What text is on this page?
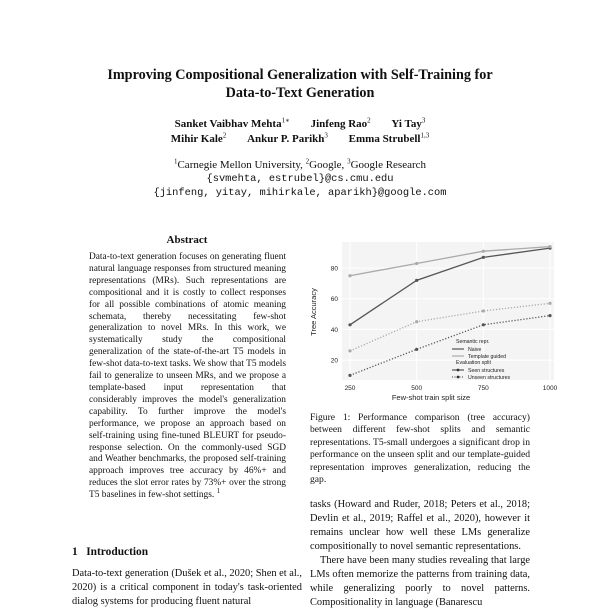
Improving Compositional Generalization with Self-Training for
Data-to-Text Generation
Sanket Vaibhav Mehta$^{1∗}$ Jinfeng Rao$^2$ Yi Tay$^3$
Mihir Kale$^2$ Ankur P. Parikh$^3$ Emma Strubell$^{1,3}$
$^1$Carnegie Mellon University, $^2$Google, $^3$Google Research
{svmehta, estrubel}@cs.cmu.edu
{jinfeng, yitay, mihirkale, aparikh}@google.com
Abstract
Data-to-text generation focuses on generating fluent natural language responses from structured meaning representations (MRs). Such representations are compositional and it is costly to collect responses for all possible combinations of atomic meaning schemata, thereby necessitating few-shot generalization to novel MRs. In this work, we systematically study the compositional generalization of the state-of-the-art T5 models in few-shot data-to-text tasks. We show that T5 models fail to generalize to unseen MRs, and we propose a template-based input representation that considerably improves the model's generalization capability. To further improve the model's performance, we propose an approach based on self-training using fine-tuned BLEURT for pseudo-response selection. On the commonly-used SGD and Weather benchmarks, the proposed self-training approach improves tree accuracy by 46%+ and reduces the slot error rates by 73%+ over the strong T5 baselines in few-shot settings. $^1$
1 Introduction
Data-to-text generation (Dušek et al., 2020; Shen et al., 2020) is a critical component in today's task-oriented dialog systems for producing fluent natural
20
40
60
80
250	500	750	1000
Few-shot train split size
Tree Accuracy
Semantic repr.
Naive
Template guided
Evaluation split
Seen structures
Unseen structures
Figure 1: Performance comparison (tree accuracy) between different few-shot splits and semantic representations. T5-small undergoes a significant drop in performance on the unseen split and our template-guided representation improves generalization, reducing the gap.

tasks (Howard and Ruder, 2018; Peters et al., 2018; Devlin et al., 2019; Raffel et al., 2020), however it remains unclear how well these LMs generalize compositionally to novel semantic representations.

There have been many studies revealing that large LMs often memorize the patterns from training data, while generalizing poorly to novel patterns. Compositionality in language (Banarescu
